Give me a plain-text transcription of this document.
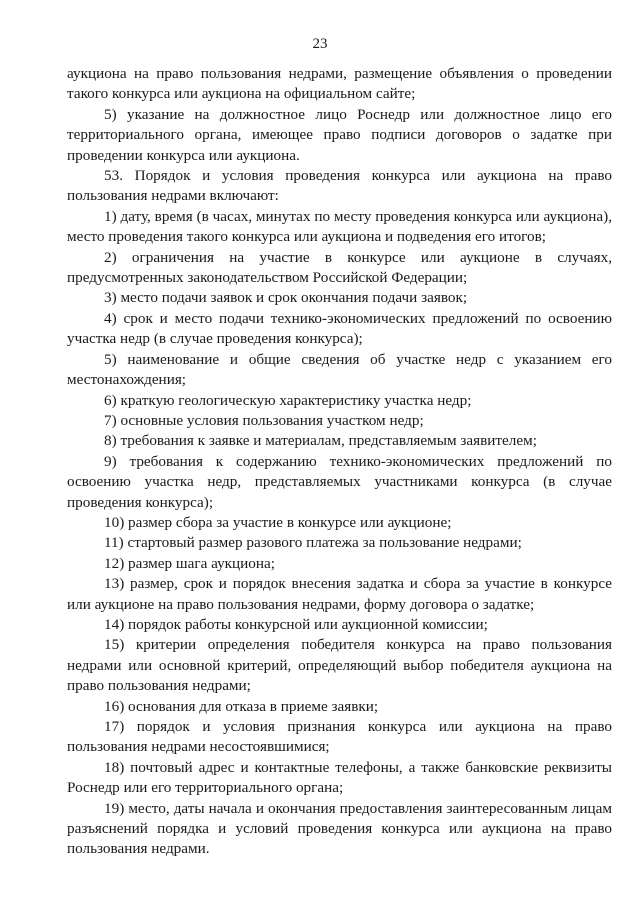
23

аукциона на право пользования недрами, размещение объявления о проведении такого конкурса или аукциона на официальном сайте;

5) указание на должностное лицо Роснедр или должностное лицо его территориального органа, имеющее право подписи договоров о задатке при проведении конкурса или аукциона.

53. Порядок и условия проведения конкурса или аукциона на право пользования недрами включают:

1) дату, время (в часах, минутах по месту проведения конкурса или аукциона), место проведения такого конкурса или аукциона и подведения его итогов;

2) ограничения на участие в конкурсе или аукционе в случаях, предусмотренных законодательством Российской Федерации;

3) место подачи заявок и срок окончания подачи заявок;

4) срок и место подачи технико-экономических предложений по освоению участка недр (в случае проведения конкурса);

5) наименование и общие сведения об участке недр с указанием его местонахождения;

6) краткую геологическую характеристику участка недр;

7) основные условия пользования участком недр;

8) требования к заявке и материалам, представляемым заявителем;

9) требования к содержанию технико-экономических предложений по освоению участка недр, представляемых участниками конкурса (в случае проведения конкурса);

10) размер сбора за участие в конкурсе или аукционе;

11) стартовый размер разового платежа за пользование недрами;

12) размер шага аукциона;

13) размер, срок и порядок внесения задатка и сбора за участие в конкурсе или аукционе на право пользования недрами, форму договора о задатке;

14) порядок работы конкурсной или аукционной комиссии;

15) критерии определения победителя конкурса на право пользования недрами или основной критерий, определяющий выбор победителя аукциона на право пользования недрами;

16) основания для отказа в приеме заявки;

17) порядок и условия признания конкурса или аукциона на право пользования недрами несостоявшимися;

18) почтовый адрес и контактные телефоны, а также банковские реквизиты Роснедр или его территориального органа;

19) место, даты начала и окончания предоставления заинтересованным лицам разъяснений порядка и условий проведения конкурса или аукциона на право пользования недрами.
